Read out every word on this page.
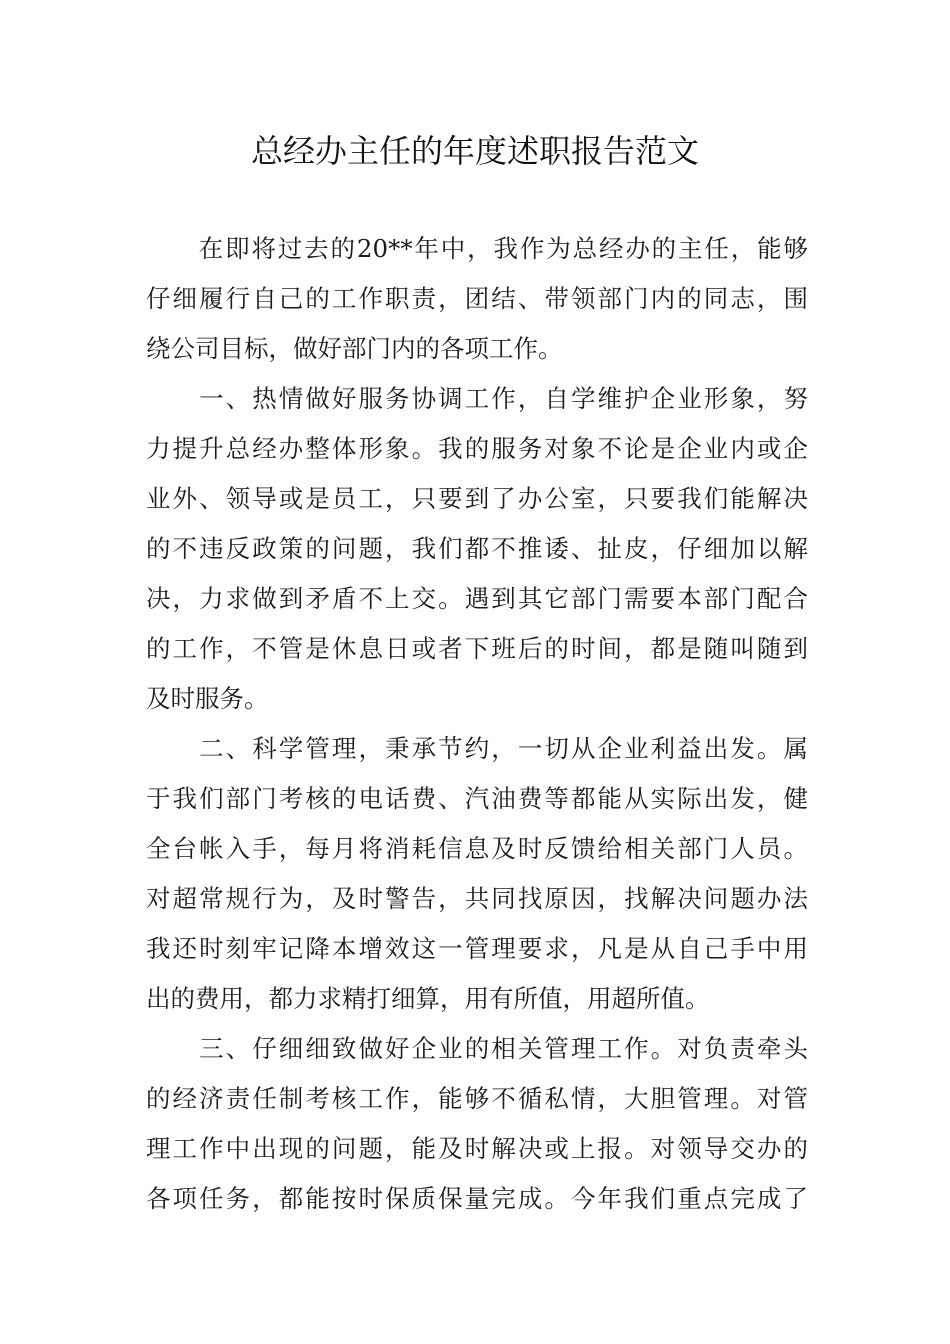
总经办主任的年度述职报告范文
　　在即将过去的20**年中，我作为总经办的主任，能够
仔细履行自己的工作职责，团结、带领部门内的同志，围
绕公司目标，做好部门内的各项工作。
　　一、热情做好服务协调工作，自学维护企业形象，努
力提升总经办整体形象。我的服务对象不论是企业内或企
业外、领导或是员工，只要到了办公室，只要我们能解决
的不违反政策的问题，我们都不推诿、扯皮，仔细加以解
决，力求做到矛盾不上交。遇到其它部门需要本部门配合
的工作，不管是休息日或者下班后的时间，都是随叫随到
及时服务。
　　二、科学管理，秉承节约，一切从企业利益出发。属
于我们部门考核的电话费、汽油费等都能从实际出发，健
全台帐入手，每月将消耗信息及时反馈给相关部门人员。
对超常规行为，及时警告，共同找原因，找解决问题办法
我还时刻牢记降本增效这一管理要求，凡是从自己手中用
出的费用，都力求精打细算，用有所值，用超所值。
　　三、仔细细致做好企业的相关管理工作。对负责牵头
的经济责任制考核工作，能够不循私情，大胆管理。对管
理工作中出现的问题，能及时解决或上报。对领导交办的
各项任务，都能按时保质保量完成。今年我们重点完成了
